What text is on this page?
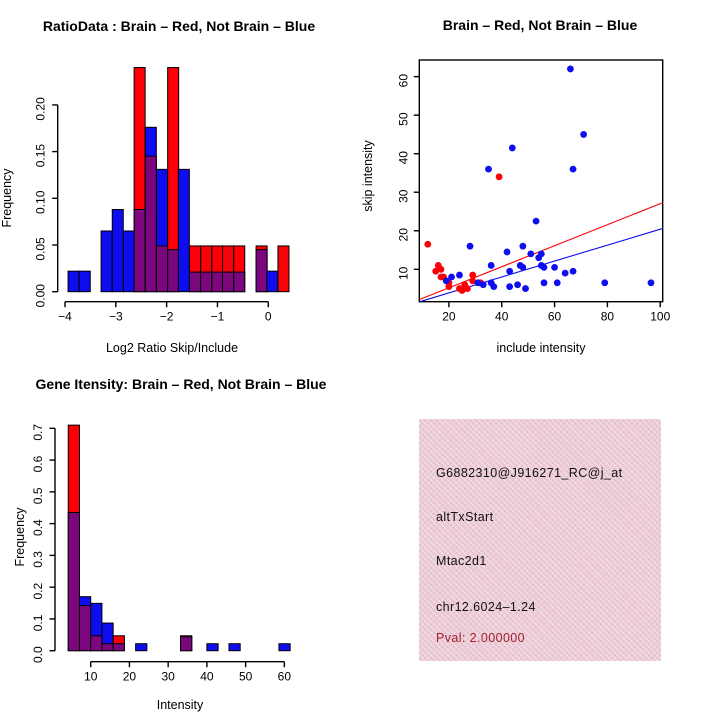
−4	−3	−2	−1	0
0.00
0.05
0.10
0.15
0.20
RatioData : Brain – Red, Not Brain – Blue
Log2 Ratio Skip/Include
Frequency
20	40	60	80	100
10
20
30
40
50
60
Brain – Red, Not Brain – Blue
include intensity
skip intensity
10 20 30 40 50 60
0.0
0.1
0.2
0.3
0.4
0.5
0.6
0.7
Gene Itensity: Brain – Red, Not Brain – Blue
Intensity
Frequency
G6882310@J916271_RC@j_at
altTxStart
Mtac2d1
chr12.6024–1.24
Pval: 2.000000
